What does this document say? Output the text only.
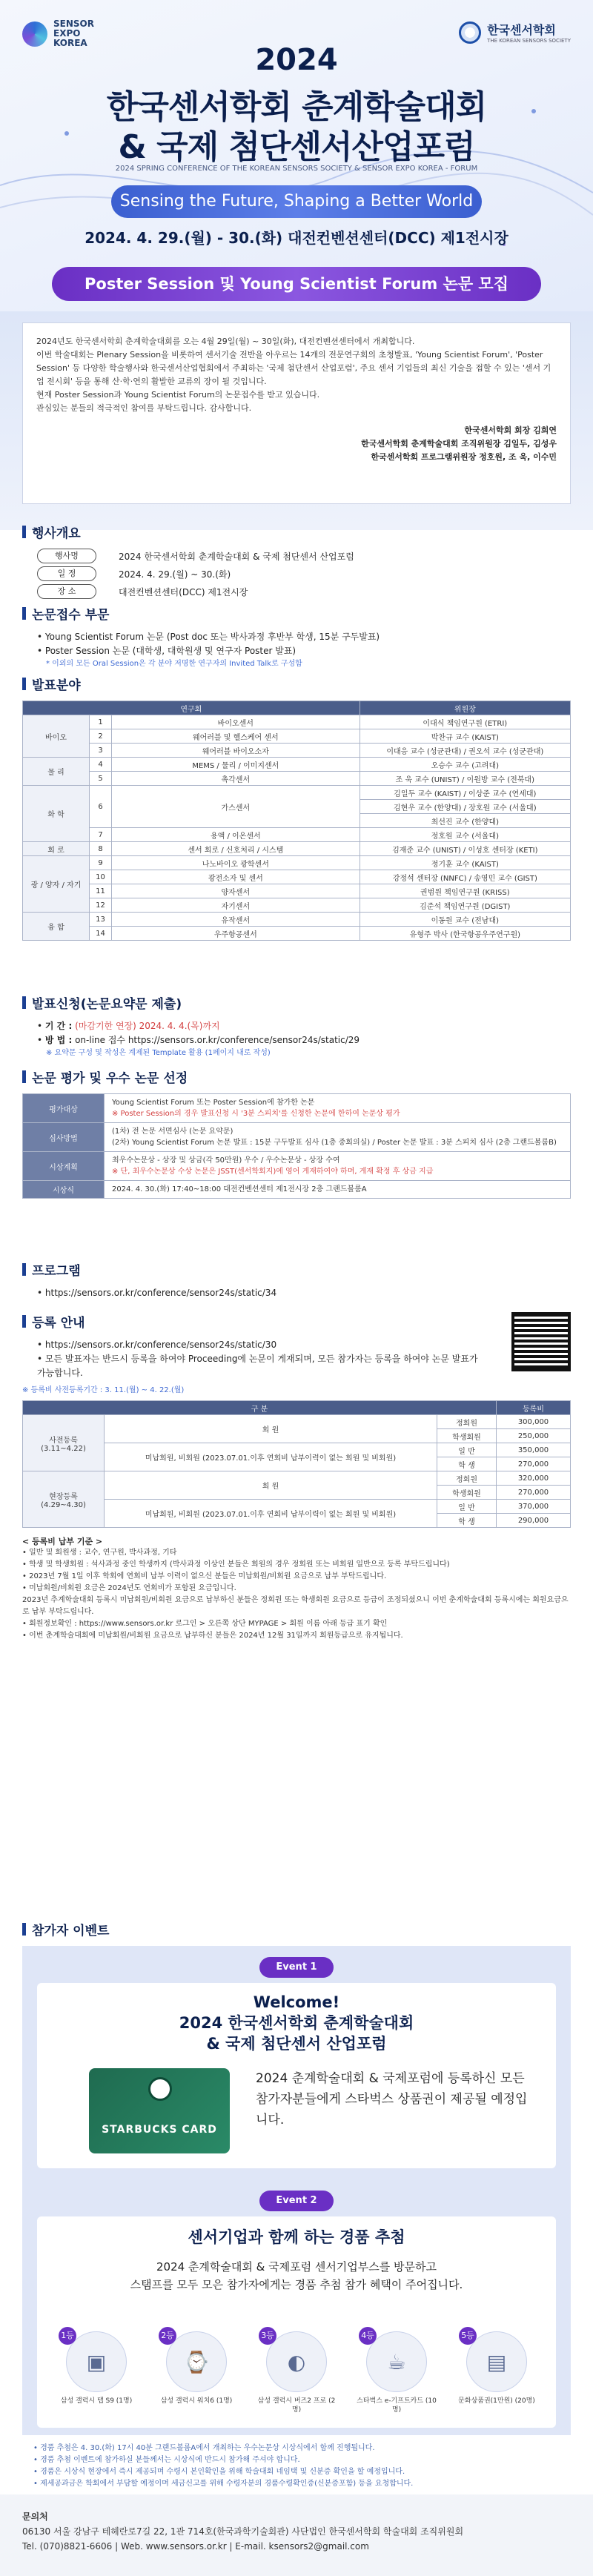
SENSOR EXPO KOREA
한국센서학회
THE KOREAN SENSORS SOCIETY
2024
한국센서학회 춘계학술대회
& 국제 첨단센서산업포럼
2024 SPRING CONFERENCE OF THE KOREAN SENSORS SOCIETY & SENSOR EXPO KOREA - FORUM
Sensing the Future, Shaping a Better World
2024. 4. 29.(월) - 30.(화) 대전컨벤션센터(DCC) 제1전시장
Poster Session 및 Young Scientist Forum 논문 모집

2024년도 한국센서학회 춘계학술대회를 오는 4월 29일(월) ~ 30일(화), 대전컨벤션센터에서 개최합니다.

이번 학술대회는 Plenary Session을 비롯하여 센서기술 전반을 아우르는 14개의 전문연구회의 초청발표, 'Young Scientist Forum', 'Poster Session' 등 다양한 학술행사와 한국센서산업협회에서 주최하는 '국제 첨단센서 산업포럼', 주요 센서 기업들의 최신 기술을 접할 수 있는 '센서 기업 전시회' 등을 통해 산·학·연의 활발한 교류의 장이 될 것입니다.

현재 Poster Session과 Young Scientist Forum의 논문접수를 받고 있습니다.

관심있는 분들의 적극적인 참여를 부탁드립니다. 감사합니다.

한국센서학회 회장 김희연
한국센서학회 춘계학술대회 조직위원장 김일두, 김성우
한국센서학회 프로그램위원장 정호원, 조 욱, 이수민
행사개요
행사명	2024 한국센서학회 춘계학술대회 & 국제 첨단센서 산업포럼
일 정	2024. 4. 29.(월) ~ 30.(화)
장 소	대전컨벤션센터(DCC) 제1전시장
논문접수 부문
• Young Scientist Forum 논문 (Post doc 또는 박사과정 후반부 학생, 15분 구두발표)
• Poster Session 논문 (대학생, 대학원생 및 연구자 Poster 발표)
* 이외의 모든 Oral Session은 각 분야 저명한 연구자의 Invited Talk로 구성함
발표분야
연구회			위원장
바이오	1	바이오센서	이대식 책임연구원 (ETRI)
	2	웨어러블 및 헬스케어 센서	박찬규 교수 (KAIST)
	3	웨어러블 바이오소자	이대응 교수 (성균관대) / 권오석 교수 (성균관대)
물 리	4	MEMS / 물리 / 이미지센서	오승수 교수 (고려대)
	5	촉각센서	조 욱 교수 (UNIST) / 이원방 교수 (전북대)
화 학	6	가스센서	김일두 교수 (KAIST) / 이상준 교수 (연세대)
			김현우 교수 (한양대) / 장호원 교수 (서울대)
			최선진 교수 (한양대)
	7	용액 / 이온센서	정호원 교수 (서울대)
회 로	8	센서 회로 / 신호처리 / 시스템	김재준 교수 (UNIST) / 이성호 센터장 (KETI)
광 / 양자 / 자기	9	나노바이오 광학센서	정기훈 교수 (KAIST)
	10	광전소자 및 센서	강정석 센터장 (NNFC) / 송영민 교수 (GIST)
	11	양자센서	권범원 책임연구원 (KRISS)
	12	자기센서	김준석 책임연구원 (DGIST)
융 합	13	유작센서	이동원 교수 (전남대)
	14	우주항공센서	유형주 박사 (한국항공우주연구원)
발표신청(논문요약문 제출)
• 기 간 : (마감기한 연장) 2024. 4. 4.(목)까지
• 방 법 : on-line 접수 https://sensors.or.kr/conference/sensor24s/static/29
※ 요약문 구성 및 작성은 계제된 Template 활용 (1페이지 내로 작성)
논문 평가 및 우수 논문 선정
평가대상	Young Scientist Forum 또는 Poster Session에 참가한 논문
※ Poster Session의 경우 발표신청 시 '3분 스피치'를 신청한 논문에 한하여 논문상 평가

심사방법	(1차) 전 논문 서면심사 (논문 요약문)
(2차) Young Scientist Forum 논문 발표 : 15분 구두발표 심사 (1층 중회의실) / Poster 논문 발표 : 3분 스피치 심사 (2층 그랜드볼룸B)

시상계획	최우수논문상 - 상장 및 상금(각 50만원) 우수 / 우수논문상 - 상장 수여
※ 단, 최우수논문상 수상 논문은 JSST(센서학회지)에 영어 게재하여야 하며, 게재 확정 후 상금 지급

시상식	2024. 4. 30.(화) 17:40~18:00 대전컨벤션센터 제1전시장 2층 그랜드볼룸A
프로그램
• https://sensors.or.kr/conference/sensor24s/static/34
등록 안내
• https://sensors.or.kr/conference/sensor24s/static/30
• 모든 발표자는 반드시 등록을 하여야 Proceeding에 논문이 게재되며, 모든 참가자는 등록을 하여야 논문 발표가 가능합니다.
※ 등록비 사전등록기간 : 3. 11.(월) ~ 4. 22.(월)
구 분			등록비
사전등록 (3.11~4.22)	회 원	정회원	300,000
		학생회원	250,000
	미납회원, 비회원 (2023.07.01.이후 연회비 납부이력이 없는 회원 및 비회원)	일 반	350,000
		학 생	270,000
현장등록 (4.29~4.30)	회 원	정회원	320,000
		학생회원	270,000
	미납회원, 비회원 (2023.07.01.이후 연회비 납부이력이 없는 회원 및 비회원)	일 반	370,000
		학 생	290,000
< 등록비 납부 기준 >
• 일반 및 회원생 : 교수, 연구원, 박사과정, 기타
• 학생 및 학생회원 : 석사과정 중인 학생까지 (박사과정 이상인 분들은 회원의 경우 정회원 또는 비회원 일반으로 등록 부탁드립니다)
• 2023년 7월 1일 이후 학회에 연회비 납부 이력이 없으신 분들은 미납회원/비회원 요금으로 납부 부탁드립니다.
• 미납회원/비회원 요금은 2024년도 연회비가 포함된 요금입니다.
2023년 추계학술대회 등록시 미납회원/비회원 요금으로 납부하신 분들은 정회원 또는 학생회원 요금으로 등급이 조정되셨으니 이번 춘계학술대회 등록시에는 회원요금으로 납부 부탁드립니다.
• 회원정보확인 : https://www.sensors.or.kr 로그인 > 오른쪽 상단 MYPAGE > 회원 이름 아래 등급 표기 확인
• 이번 춘계학술대회에 미납회원/비회원 요금으로 납부하신 분들은 2024년 12월 31일까지 회원등급으로 유지됩니다.
참가자 이벤트
Event 1
Welcome!
2024 한국센서학회 춘계학술대회
& 국제 첨단센서 산업포럼
STARBUCKS CARD
2024 춘계학술대회 & 국제포럼에 등록하신 모든 참가자분들에게 스타벅스 상품권이 제공될 예정입니다.
Event 2
센서기업과 함께 하는 경품 추첨
2024 춘계학술대회 & 국제포럼 센서기업부스를 방문하고
스탬프를 모두 모은 참가자에게는 경품 추첨 참가 혜택이 주어집니다.
1등
▣
삼성 갤럭시 탭 S9 (1명)
2등
⌚
삼성 갤럭시 워치6 (1명)
3등
◐
삼성 갤럭시 버즈2 프로 (2명)
4등
☕
스타벅스 e-기프트카드 (10명)
5등
▤
문화상품권(1만원) (20명)
• 경품 추첨은 4. 30.(화) 17시 40분 그랜드볼룸A에서 개최하는 우수논문상 시상식에서 함께 진행됩니다.
• 경품 추첨 이벤트에 참가하실 분들께서는 시상식에 반드시 참가해 주셔야 합니다.
• 경품은 시상식 현장에서 즉시 제공되며 수령시 본인확인을 위해 학술대회 네임택 및 신분증 확인을 할 예정입니다.
• 제세공과금은 학회에서 부담할 예정이며 세금신고를 위해 수령자분의 경품수령확인증(신분증포함) 등을 요청합니다.
문의처
06130 서울 강남구 테헤란로7길 22, 1관 714호(한국과학기술회관) 사단법인 한국센서학회 학술대회 조직위원회
Tel. (070)8821-6606 | Web. www.sensors.or.kr | E-mail. ksensors2@gmail.com
